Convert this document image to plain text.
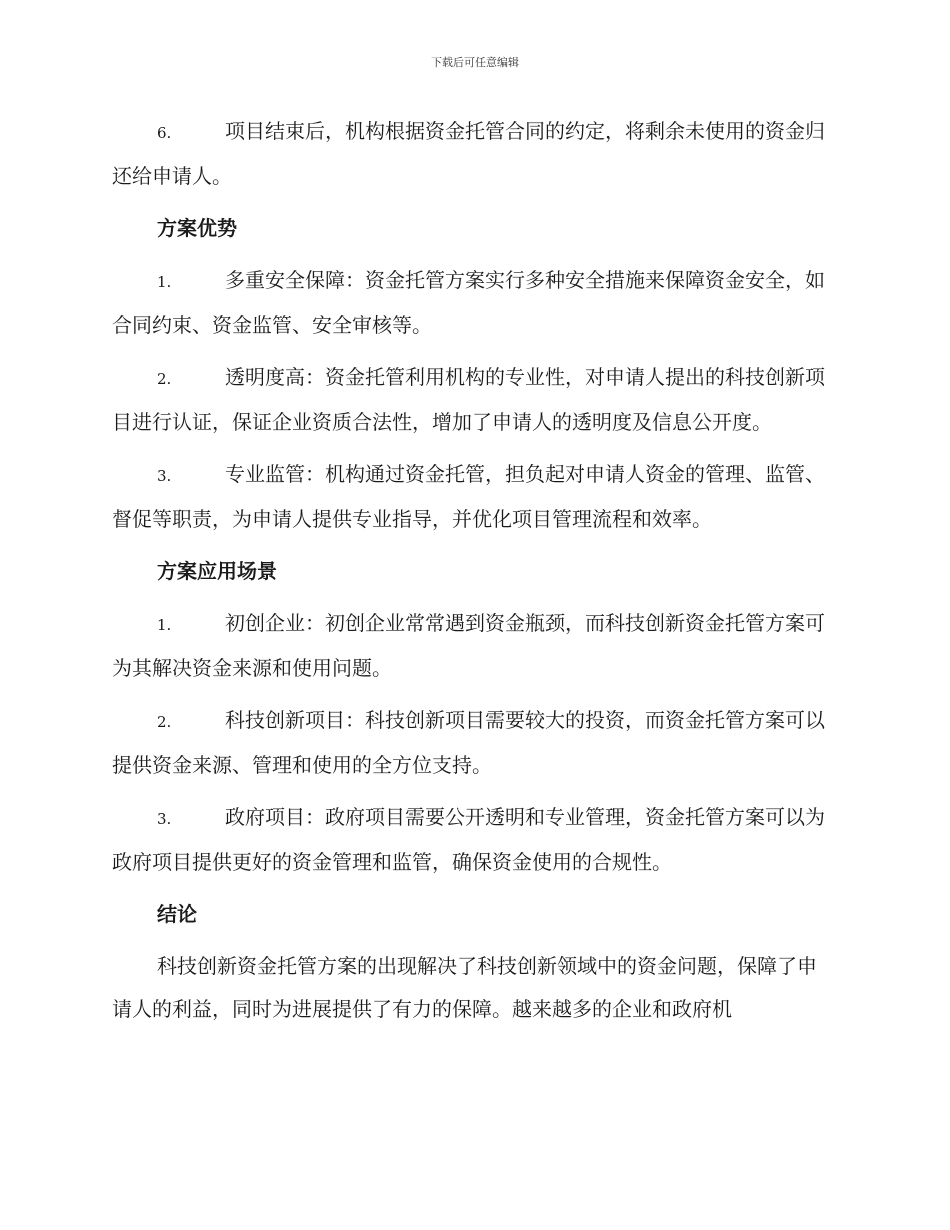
下载后可任意编辑

6.	项目结束后，机构根据资金托管合同的约定，将剩余未使用的资金归还给申请人。

方案优势

1.	多重安全保障：资金托管方案实行多种安全措施来保障资金安全，如合同约束、资金监管、安全审核等。

2.	透明度高：资金托管利用机构的专业性，对申请人提出的科技创新项目进行认证，保证企业资质合法性，增加了申请人的透明度及信息公开度。

3.	专业监管：机构通过资金托管，担负起对申请人资金的管理、监管、督促等职责，为申请人提供专业指导，并优化项目管理流程和效率。

方案应用场景

1.	初创企业：初创企业常常遇到资金瓶颈，而科技创新资金托管方案可为其解决资金来源和使用问题。

2.	科技创新项目：科技创新项目需要较大的投资，而资金托管方案可以提供资金来源、管理和使用的全方位支持。

3.	政府项目：政府项目需要公开透明和专业管理，资金托管方案可以为政府项目提供更好的资金管理和监管，确保资金使用的合规性。

结论

科技创新资金托管方案的出现解决了科技创新领域中的资金问题，保障了申请人的利益，同时为进展提供了有力的保障。越来越多的企业和政府机
